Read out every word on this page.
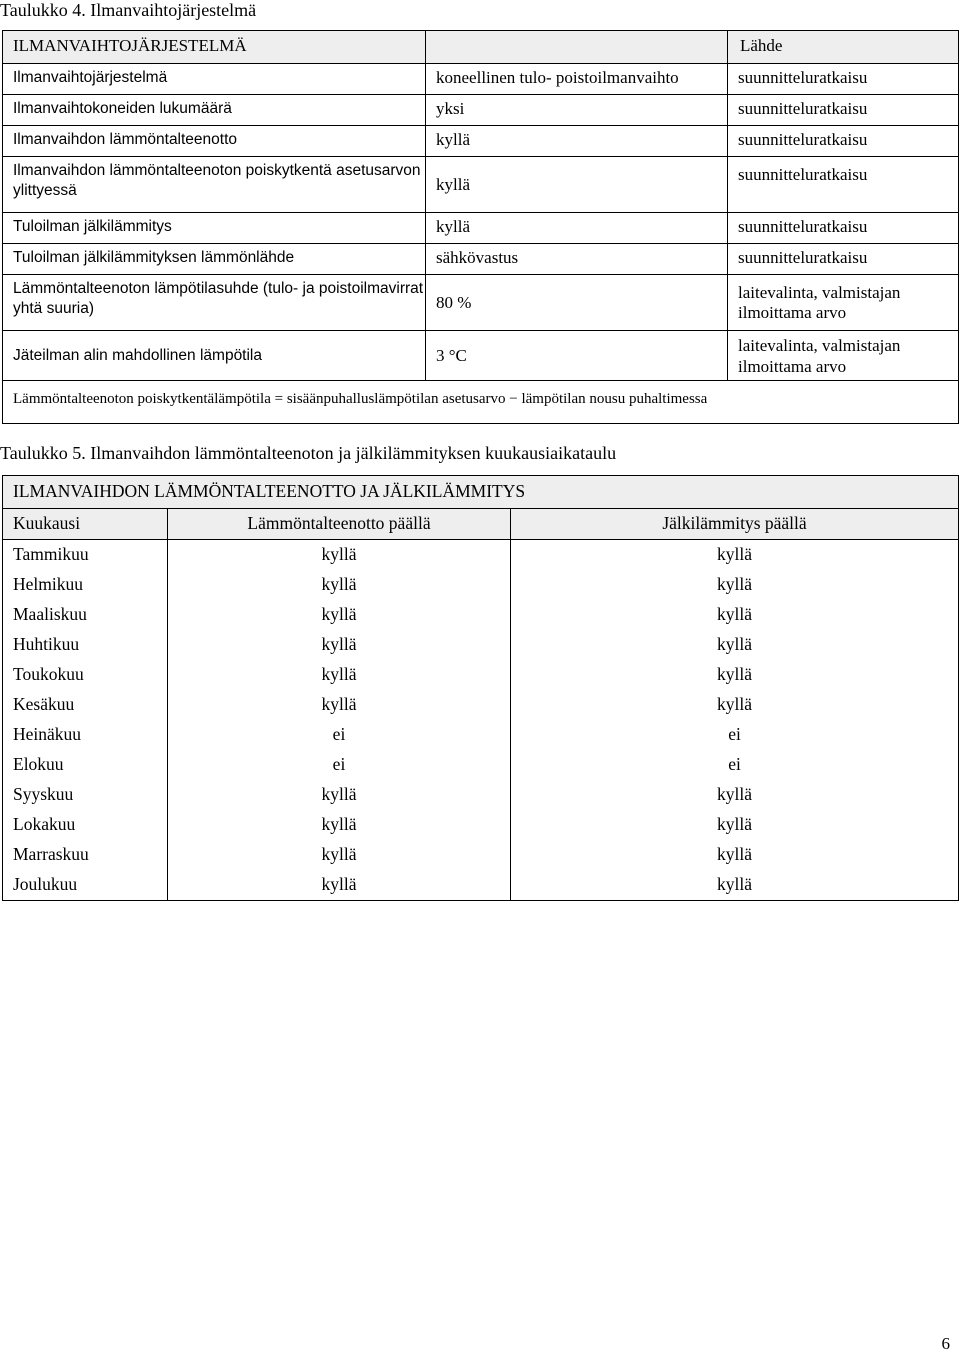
Taulukko 4. Ilmanvaihtojärjestelmä
ILMANVAIHTOJÄRJESTELMÄ		Lähde
Ilmanvaihtojärjestelmä	koneellinen tulo- poistoilmanvaihto	suunnitteluratkaisu
Ilmanvaihtokoneiden lukumäärä	yksi	suunnitteluratkaisu
Ilmanvaihdon lämmöntalteenotto	kyllä	suunnitteluratkaisu
Ilmanvaihdon lämmöntalteenoton poiskytkentä asetusarvon ylittyessä	kyllä	suunnitteluratkaisu
Tuloilman jälkilämmitys	kyllä	suunnitteluratkaisu
Tuloilman jälkilämmityksen lämmönlähde	sähkövastus	suunnitteluratkaisu
Lämmöntalteenoton lämpötilasuhde (tulo- ja poistoilmavirrat yhtä suuria)	80 %	laitevalinta, valmistajan ilmoittama arvo
Jäteilman alin mahdollinen lämpötila	3 °C	laitevalinta, valmistajan ilmoittama arvo
Lämmöntalteenoton poiskytkentälämpötila = sisäänpuhalluslämpötilan asetusarvo − lämpötilan nousu puhaltimessa		
Taulukko 5. Ilmanvaihdon lämmöntalteenoton ja jälkilämmityksen kuukausiaikataulu
ILMANVAIHDON LÄMMÖNTALTEENOTTO JA JÄLKILÄMMITYS		
Kuukausi	Lämmöntalteenotto päällä	Jälkilämmitys päällä
Tammikuu	kyllä	kyllä
Helmikuu	kyllä	kyllä
Maaliskuu	kyllä	kyllä
Huhtikuu	kyllä	kyllä
Toukokuu	kyllä	kyllä
Kesäkuu	kyllä	kyllä
Heinäkuu	ei	ei
Elokuu	ei	ei
Syyskuu	kyllä	kyllä
Lokakuu	kyllä	kyllä
Marraskuu	kyllä	kyllä
Joulukuu	kyllä	kyllä
6
